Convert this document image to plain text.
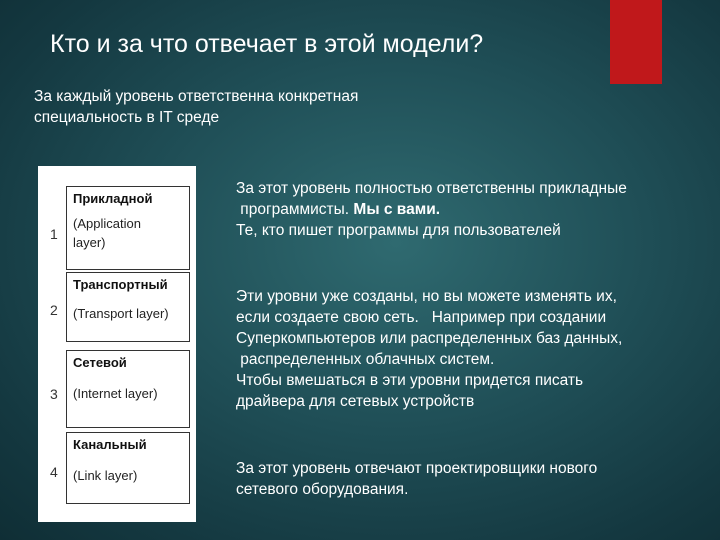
Кто и за что отвечает в этой модели?
За каждый уровень ответственна конкретная
специальность в IT среде
1
Прикладной
(Application
layer)
2
Транспортный
(Transport layer)
3
Сетевой
(Internet layer)
4
Канальный
(Link layer)
За этот уровень полностью ответственны прикладные
программисты. Мы с вами.
Те, кто пишет программы для пользователей
Эти уровни уже созданы, но вы можете изменять их,
если создаете свою сеть.   Например при создании
Суперкомпьютеров или распределенных баз данных,
распределенных облачных систем.
Чтобы вмешаться в эти уровни придется писать
драйвера для сетевых устройств
За этот уровень отвечают проектировщики нового
сетевого оборудования.
